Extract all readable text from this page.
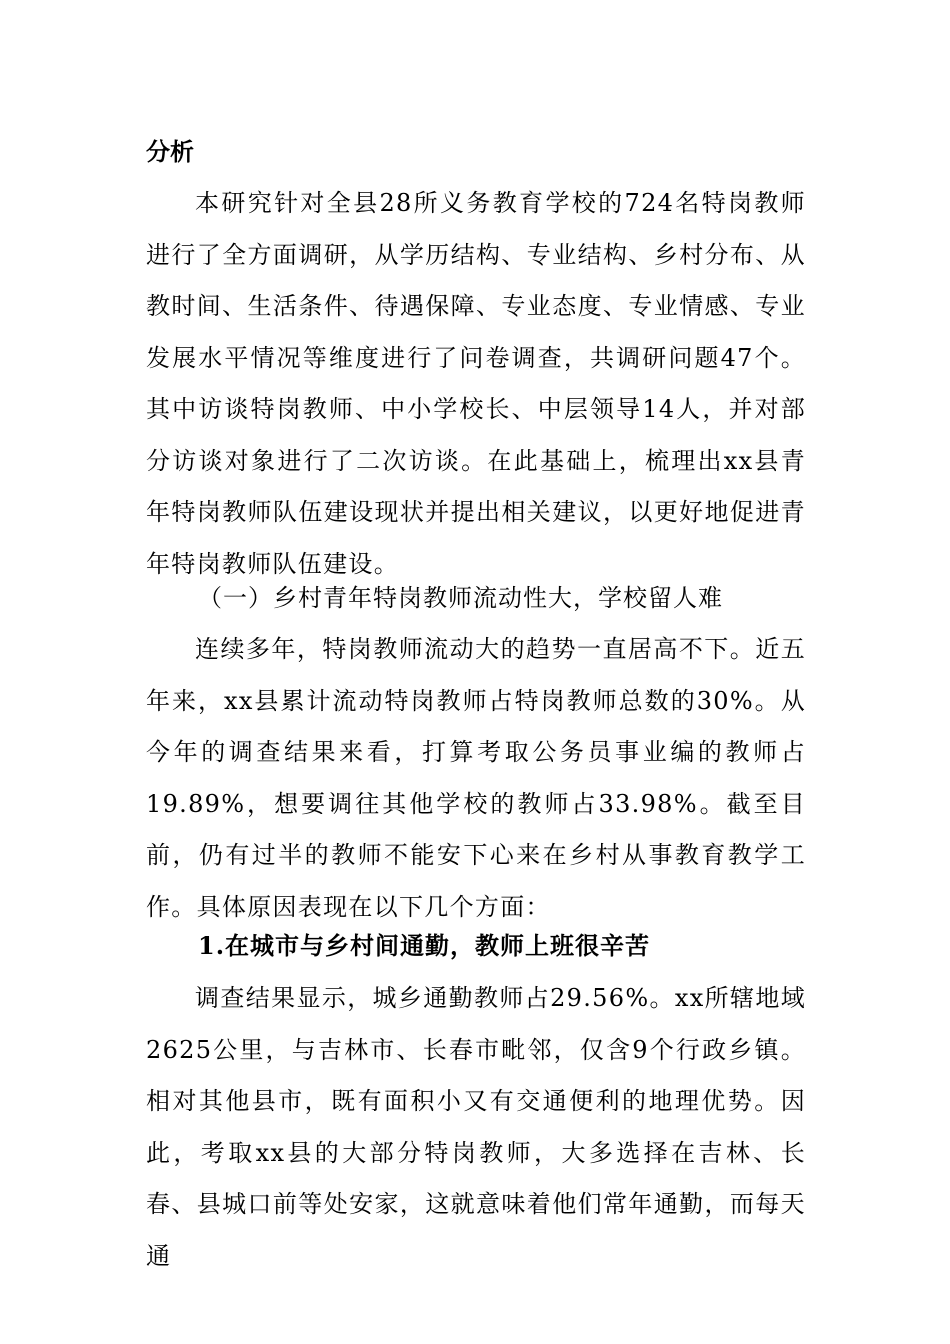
分析

本研究针对全县28所义务教育学校的724名特岗教师进行了全方面调研，从学历结构、专业结构、乡村分布、从教时间、生活条件、待遇保障、专业态度、专业情感、专业发展水平情况等维度进行了问卷调查，共调研问题47个。其中访谈特岗教师、中小学校长、中层领导14人，并对部分访谈对象进行了二次访谈。在此基础上，梳理出xx县青年特岗教师队伍建设现状并提出相关建议，以更好地促进青年特岗教师队伍建设。

（一）乡村青年特岗教师流动性大，学校留人难

连续多年，特岗教师流动大的趋势一直居高不下。近五年来，xx县累计流动特岗教师占特岗教师总数的30%。从今年的调查结果来看，打算考取公务员事业编的教师占19.89%，想要调往其他学校的教师占33.98%。截至目前，仍有过半的教师不能安下心来在乡村从事教育教学工作。具体原因表现在以下几个方面：

1.在城市与乡村间通勤，教师上班很辛苦

调查结果显示，城乡通勤教师占29.56%。xx所辖地域2625公里，与吉林市、长春市毗邻，仅含9个行政乡镇。相对其他县市，既有面积小又有交通便利的地理优势。因此，考取xx县的大部分特岗教师，大多选择在吉林、长春、县城口前等处安家，这就意味着他们常年通勤，而每天通
